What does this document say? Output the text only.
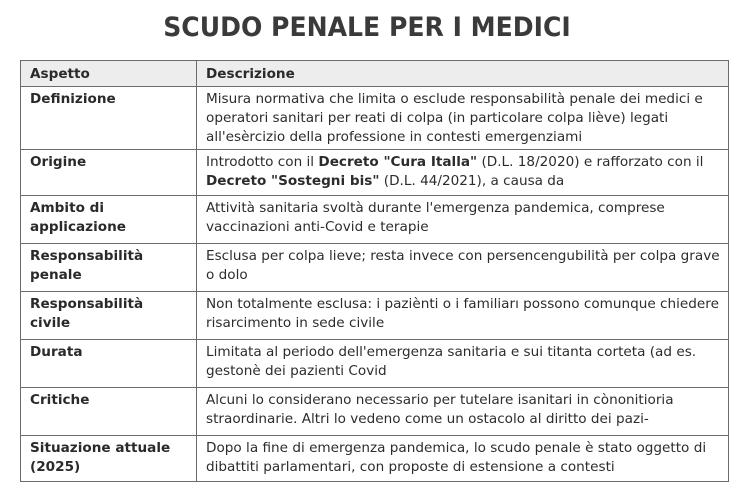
SCUDO PENALE PER I MEDICI
Aspetto	Descrizione
Definizione	Misura normativa che limita o esclude responsabilità penale dei medici e operatori sanitari per reati di colpa (in particolare colpa liève) legati all'esèrcizio della professione in contesti emergenziami
Origine	Introdotto con il Decreto "Cura Italla" (D.L. 18/2020) e rafforzato con il Decreto "Sostegni bis" (D.L. 44/2021), a causa da
Ambito di applicazione	Attività sanitaria svoltà durante l'emergenza pandemica, comprese vaccinazioni anti-Covid e terapie
Responsabilità penale	Esclusa per colpa lieve; resta invece con persencengubilità per colpa grave o dolo
Responsabilità civile	Non totalmente esclusa: i paziènti o i familiarı possono comunque chiedere risarcimento in sede civile
Durata	Limitata al periodo dell'emergenza sanitaria e sui titanta corteta (ad es. gestonè dei pazienti Covid
Critiche	Alcuni lo considerano necessario per tutelare isanitari in cònonitioria straordinarie. Altri lo vedeno come un ostacolo al diritto dei pazi-
Situazione attuale (2025)	Dopo la fine di emergenza pandemica, lo scudo penale è stato oggetto di dibattiti parlamentari, con proposte di estensione a contesti
